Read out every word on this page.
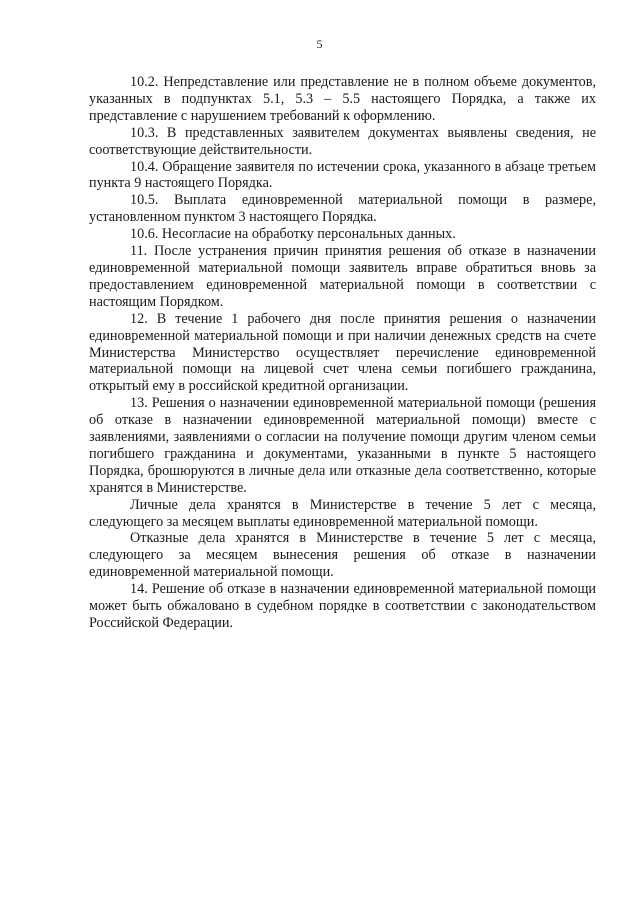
5

10.2. Непредставление или представление не в полном объеме документов, указанных в подпунктах 5.1, 5.3 – 5.5 настоящего Порядка, а также их представление с нарушением требований к оформлению.

10.3. В представленных заявителем документах выявлены сведения, не соответствующие действительности.

10.4. Обращение заявителя по истечении срока, указанного в абзаце третьем пункта 9 настоящего Порядка.

10.5. Выплата единовременной материальной помощи в размере, установленном пунктом 3 настоящего Порядка.

10.6. Несогласие на обработку персональных данных.

11. После устранения причин принятия решения об отказе в назначении единовременной материальной помощи заявитель вправе обратиться вновь за предоставлением единовременной материальной помощи в соответствии с настоящим Порядком.

12. В течение 1 рабочего дня после принятия решения о назначении единовременной материальной помощи и при наличии денежных средств на счете Министерства Министерство осуществляет перечисление единовременной материальной помощи на лицевой счет члена семьи погибшего гражданина, открытый ему в российской кредитной организации.

13. Решения о назначении единовременной материальной помощи (решения об отказе в назначении единовременной материальной помощи) вместе с заявлениями, заявлениями о согласии на получение помощи другим членом семьи погибшего гражданина и документами, указанными в пункте 5 настоящего Порядка, брошюруются в личные дела или отказные дела соответственно, которые хранятся в Министерстве.

Личные дела хранятся в Министерстве в течение 5 лет с месяца, следующего за месяцем выплаты единовременной материальной помощи.

Отказные дела хранятся в Министерстве в течение 5 лет с месяца, следующего за месяцем вынесения решения об отказе в назначении единовременной материальной помощи.

14. Решение об отказе в назначении единовременной материальной помощи может быть обжаловано в судебном порядке в соответствии с законодательством Российской Федерации.
